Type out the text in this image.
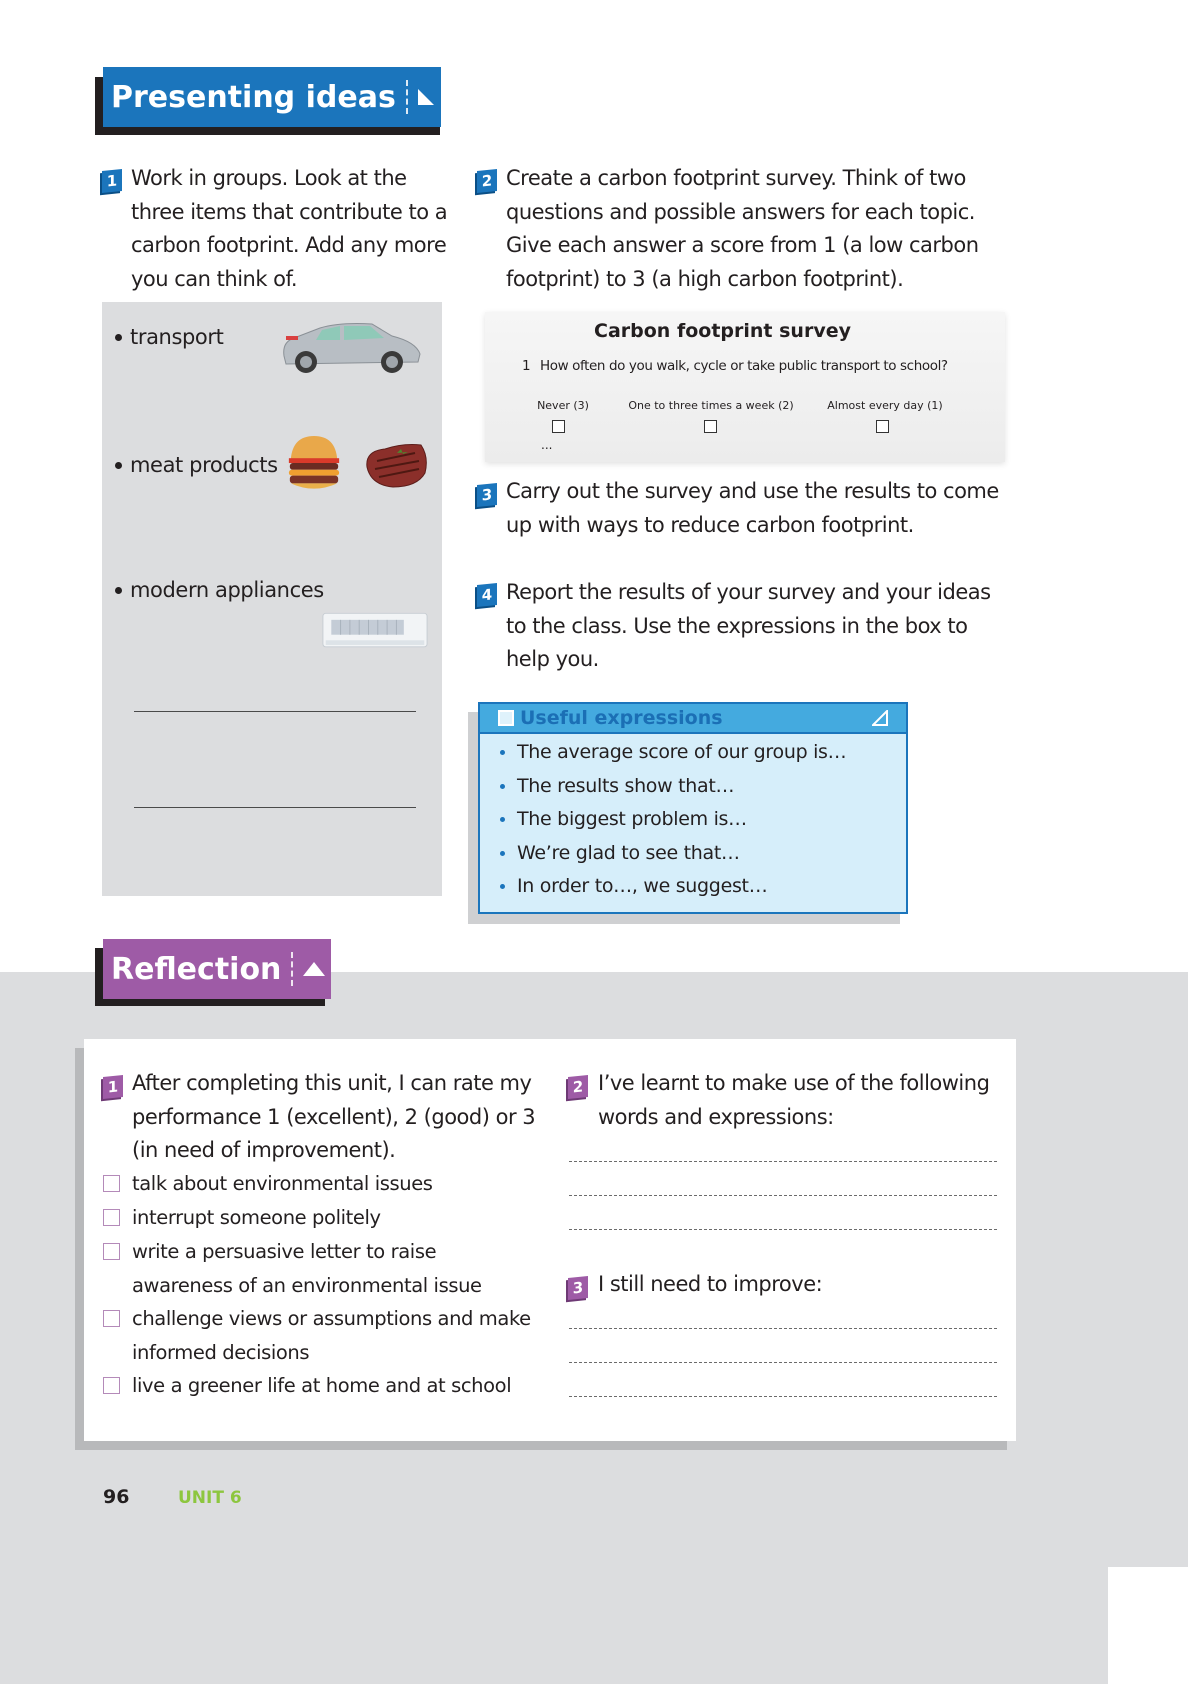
Presenting ideas
1 Work in groups. Look at the three items that contribute to a carbon footprint. Add any more you can think of.
transport
meat products
modern appliances
2 Create a carbon footprint survey. Think of two questions and possible answers for each topic. Give each answer a score from 1 (a low carbon footprint) to 3 (a high carbon footprint).
Carbon footprint survey
1 How often do you walk, cycle or take public transport to school?
Never (3)	One to three times a week (2)	Almost every day (1)
...
3 Carry out the survey and use the results to come up with ways to reduce carbon footprint.
4 Report the results of your survey and your ideas to the class. Use the expressions in the box to help you.
Useful expressions
The average score of our group is…
The results show that…
The biggest problem is…
We’re glad to see that…
In order to…, we suggest…
Reflection
1 After completing this unit, I can rate my performance 1 (excellent), 2 (good) or 3 (in need of improvement).
talk about environmental issues
interrupt someone politely
write a persuasive letter to raise awareness of an environmental issue
challenge views or assumptions and make informed decisions
live a greener life at home and at school
2 I’ve learnt to make use of the following words and expressions:
3 I still need to improve:
96	UNIT 6
